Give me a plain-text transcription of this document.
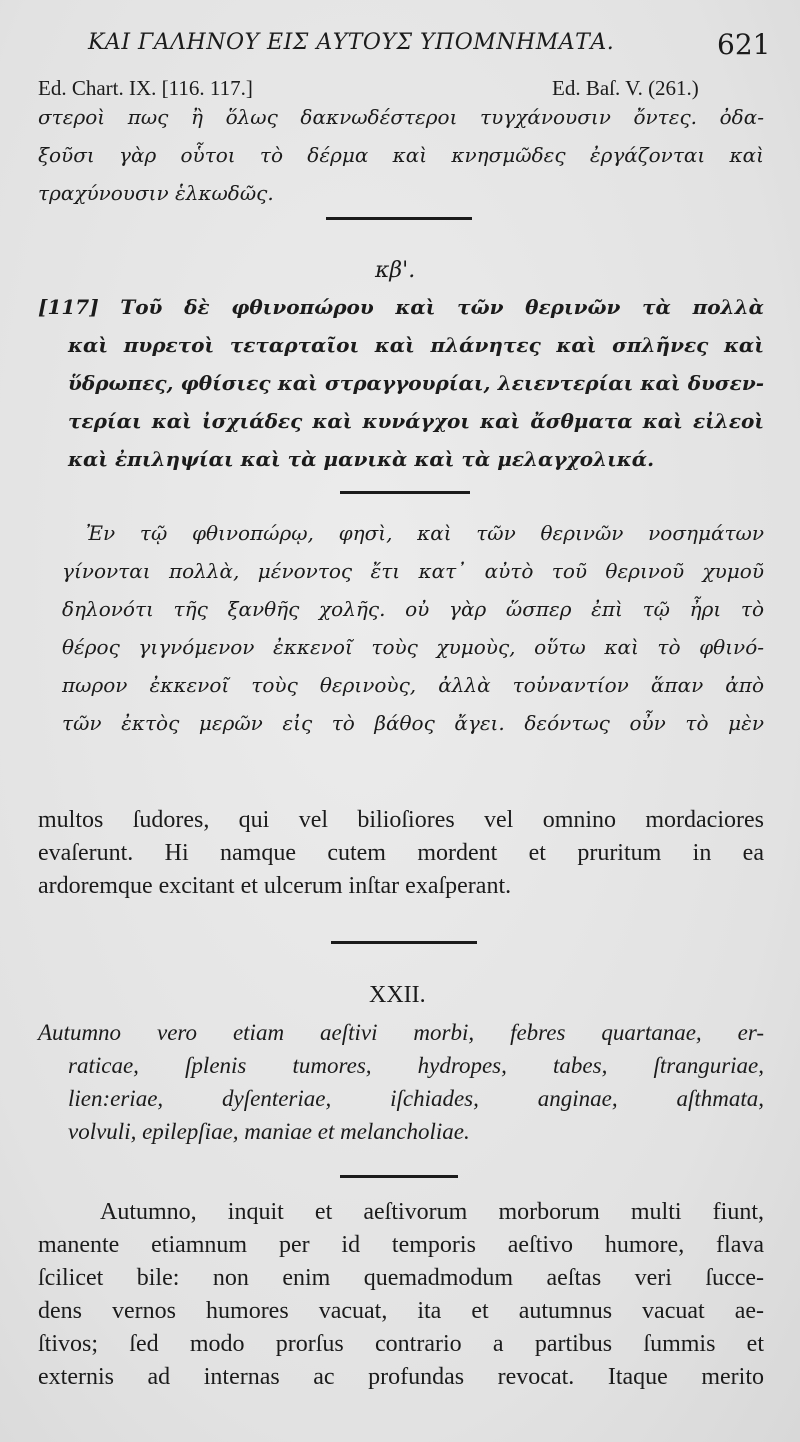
ΚΑΙ ΓΑΛΗΝΟΥ ΕΙΣ ΑΥΤΟΥΣ ΥΠΟΜΝΗΜΑΤΑ.	621
Ed. Chart. IX. [116. 117.]	Ed. Baſ. V. (261.)
στεροὶ πως ἢ ὅλως δακνωδέστεροι τυγχάνουσιν ὄντες. ὀδα-
ξοῦσι γὰρ οὗτοι τὸ δέρμα καὶ κνησμῶδες ἐργάζονται καὶ
τραχύνουσιν ἑλκωδῶς.
κβ'.
[117] Τοῦ δὲ φθινοπώρου καὶ τῶν θερινῶν τὰ πολλὰ
καὶ πυρετοὶ τεταρταῖοι καὶ πλάνητες καὶ σπλῆνες καὶ
ὕδρωπες, φθίσιες καὶ στραγγουρίαι, λειεντερίαι καὶ δυσεν-
τερίαι καὶ ἰσχιάδες καὶ κυνάγχοι καὶ ἄσθματα καὶ εἰλεοὶ
καὶ ἐπιληψίαι καὶ τὰ μανικὰ καὶ τὰ μελαγχολικά.
Ἐν τῷ φθινοπώρῳ, φησὶ, καὶ τῶν θερινῶν νοσημάτων
γίνονται πολλὰ, μένοντος ἔτι κατ᾽ αὐτὸ τοῦ θερινοῦ χυμοῦ
δηλονότι τῆς ξανθῆς χολῆς. οὐ γὰρ ὥσπερ ἐπὶ τῷ ἦρι τὸ
θέρος γιγνόμενον ἐκκενοῖ τοὺς χυμοὺς, οὕτω καὶ τὸ φθινό-
πωρον ἐκκενοῖ τοὺς θερινοὺς, ἀλλὰ τοὐναντίον ἅπαν ἀπὸ
τῶν ἐκτὸς μερῶν εἰς τὸ βάθος ἄγει. δεόντως οὖν τὸ μὲν
multos ſudores, qui vel bilioſiores vel omnino mordaciores
evaſerunt. Hi namque cutem mordent et pruritum in ea
ardoremque excitant et ulcerum inſtar exaſperant.
XXII.
Autumno vero etiam aeſtivi morbi, febres quartanae, er-
raticae, ſplenis tumores, hydropes, tabes, ſtranguriae,
lien:eriae, dyſenteriae, iſchiades, anginae, aſthmata,
volvuli, epilepſiae, maniae et melancholiae.
Autumno, inquit et aeſtivorum morborum multi fiunt,
manente etiamnum per id temporis aeſtivo humore, flava
ſcilicet bile: non enim quemadmodum aeſtas veri ſucce-
dens vernos humores vacuat, ita et autumnus vacuat ae-
ſtivos; ſed modo prorſus contrario a partibus ſummis et
externis ad internas ac profundas revocat. Itaque merito
